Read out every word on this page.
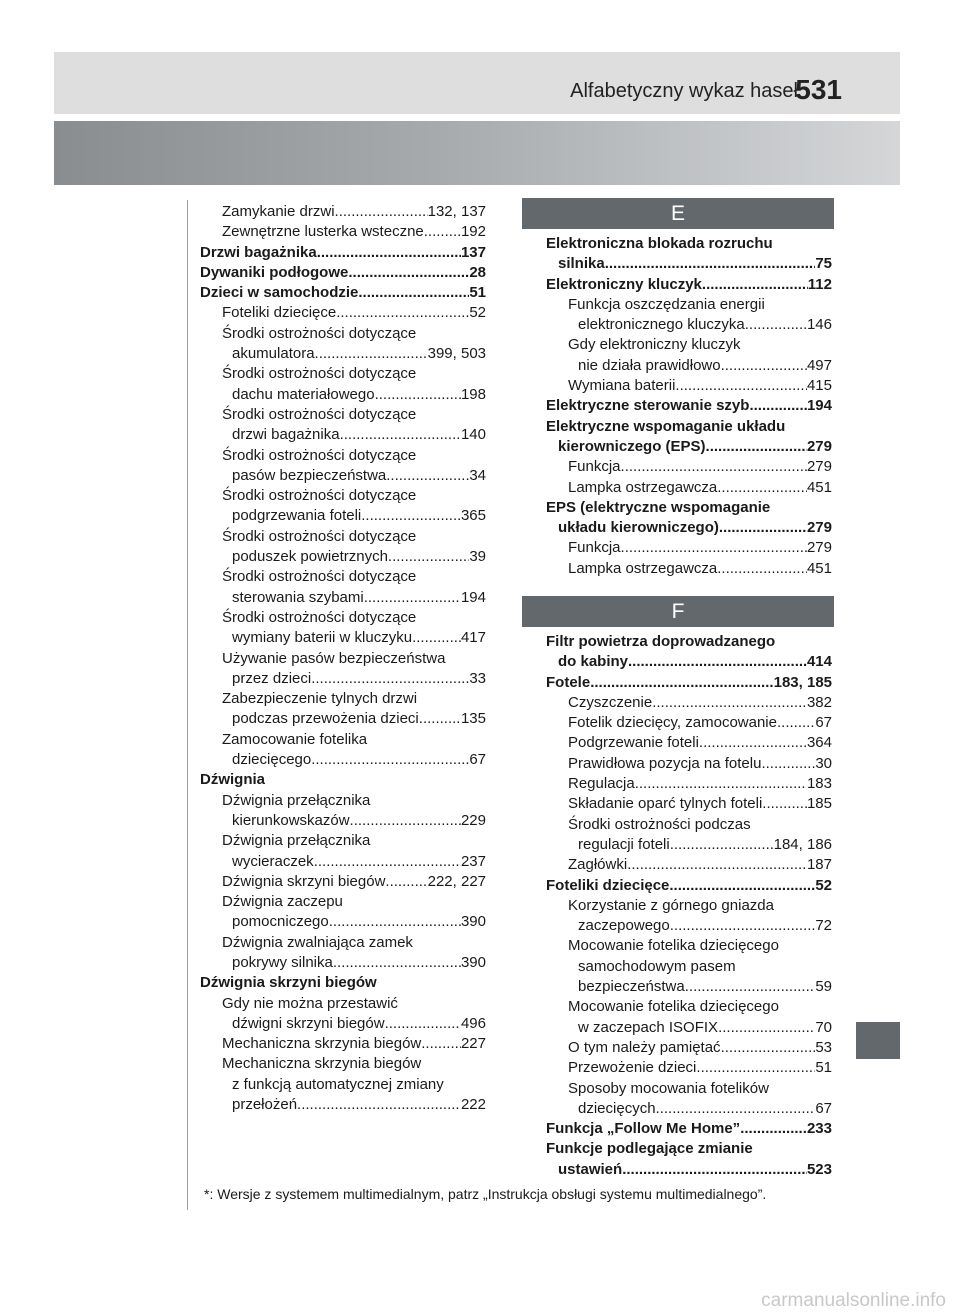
Alfabetyczny wykaz haseł
531
Zamykanie drzwi .....	132, 137
Zewnętrzne lusterka wsteczne ..... 192
Drzwi bagażnika .....	137
Dywaniki podłogowe .....	28
Dzieci w samochodzie .....	51
Foteliki dziecięce .....	52
Środki ostrożności dotyczące
akumulatora .....	399, 503
Środki ostrożności dotyczące
dachu materiałowego .....	198
Środki ostrożności dotyczące
drzwi bagażnika .....	140
Środki ostrożności dotyczące
pasów bezpieczeństwa .....	34
Środki ostrożności dotyczące
podgrzewania foteli .....	365
Środki ostrożności dotyczące
poduszek powietrznych .....	39
Środki ostrożności dotyczące
sterowania szybami .....	194
Środki ostrożności dotyczące
wymiany baterii w kluczyku .....	417
Używanie pasów bezpieczeństwa
przez dzieci .....	33
Zabezpieczenie tylnych drzwi
podczas przewożenia dzieci .....	135
Zamocowanie fotelika
dziecięcego .....	67
Dźwignia
Dźwignia przełącznika
kierunkowskazów .....	229
Dźwignia przełącznika
wycieraczek .....	237
Dźwignia skrzyni biegów .....	222, 227
Dźwignia zaczepu
pomocniczego .....	390
Dźwignia zwalniająca zamek
pokrywy silnika .....	390
Dźwignia skrzyni biegów
Gdy nie można przestawić
dźwigni skrzyni biegów .....	496
Mechaniczna skrzynia biegów .....	227
Mechaniczna skrzynia biegów
z funkcją automatycznej zmiany
przełożeń .....	222
E
Elektroniczna blokada rozruchu
silnika .....	75
Elektroniczny kluczyk .....	112
Funkcja oszczędzania energii
elektronicznego kluczyka .....	146
Gdy elektroniczny kluczyk
nie działa prawidłowo .....	497
Wymiana baterii .....	415
Elektryczne sterowanie szyb .....	194
Elektryczne wspomaganie układu
kierowniczego (EPS) .....	279
Funkcja .....	279
Lampka ostrzegawcza .....	451
EPS (elektryczne wspomaganie
układu kierowniczego) .....	279
Funkcja .....	279
Lampka ostrzegawcza .....	451
F
Filtr powietrza doprowadzanego
do kabiny .....	414
Fotele .....	183, 185
Czyszczenie .....	382
Fotelik dziecięcy, zamocowanie .....	67
Podgrzewanie foteli .....	364
Prawidłowa pozycja na fotelu .....	30
Regulacja .....	183
Składanie oparć tylnych foteli .....	185
Środki ostrożności podczas
regulacji foteli .....	184, 186
Zagłówki .....	187
Foteliki dziecięce .....	52
Korzystanie z górnego gniazda
zaczepowego .....	72
Mocowanie fotelika dziecięcego
samochodowym pasem
bezpieczeństwa .....	59
Mocowanie fotelika dziecięcego
w zaczepach ISOFIX .....	70
O tym należy pamiętać .....	53
Przewożenie dzieci .....	51
Sposoby mocowania fotelików
dziecięcych .....	67
Funkcja „Follow Me Home” .....	233
Funkcje podlegające zmianie
ustawień .....	523
*: Wersje z systemem multimedialnym, patrz „Instrukcja obsługi systemu multimedialnego”.
carmanualsonline.info
